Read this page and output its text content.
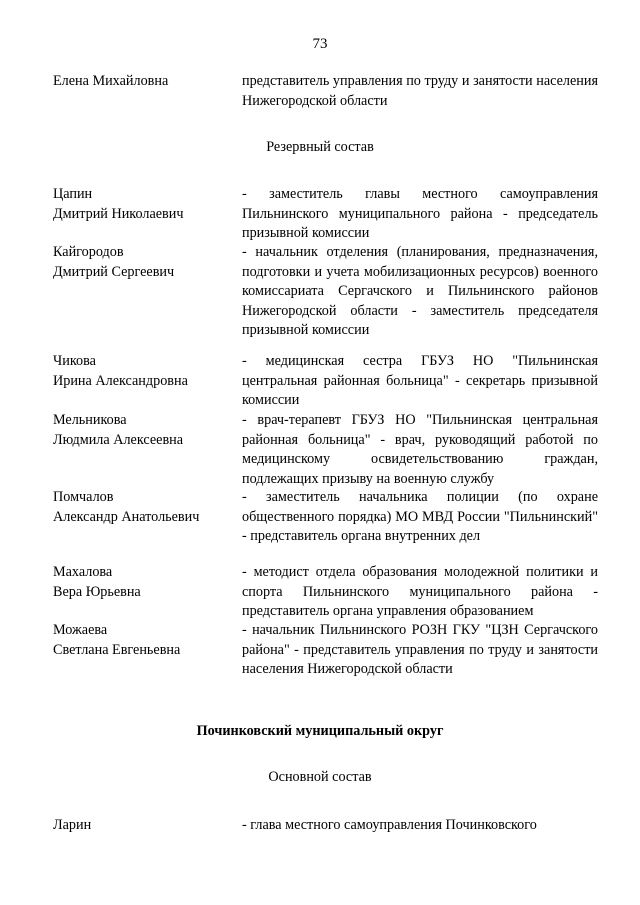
73
Елена Михайловна	представитель управления по труду и занятости населения Нижегородской области
Резервный состав
Цапин
Дмитрий Николаевич
- заместитель главы местного самоуправления Пильнинского муниципального района - председатель призывной комиссии
Кайгородов
Дмитрий Сергеевич
- начальник отделения (планирования, предназначения, подготовки и учета мобилизационных ресурсов) военного комиссариата Сергачского и Пильнинского районов Нижегородской области - заместитель председателя призывной комиссии
Чикова
Ирина Александровна
- медицинская сестра ГБУЗ НО "Пильнинская центральная районная больница" - секретарь призывной комиссии
Мельникова
Людмила Алексеевна
- врач-терапевт ГБУЗ НО "Пильнинская центральная районная больница" - врач, руководящий работой по медицинскому освидетельствованию граждан, подлежащих призыву на военную службу
Помчалов
Александр Анатольевич
- заместитель начальника полиции (по охране общественного порядка) МО МВД России "Пильнинский" - представитель органа внутренних дел
Махалова
Вера Юрьевна
- методист отдела образования молодежной политики и спорта Пильнинского муниципального района - представитель органа управления образованием
Можаева
Светлана Евгеньевна
- начальник Пильнинского РОЗН ГКУ "ЦЗН Сергачского района" - представитель управления по труду и занятости населения Нижегородской области
Починковский муниципальный округ
Основной состав
Ларин	- глава местного самоуправления Починковского
